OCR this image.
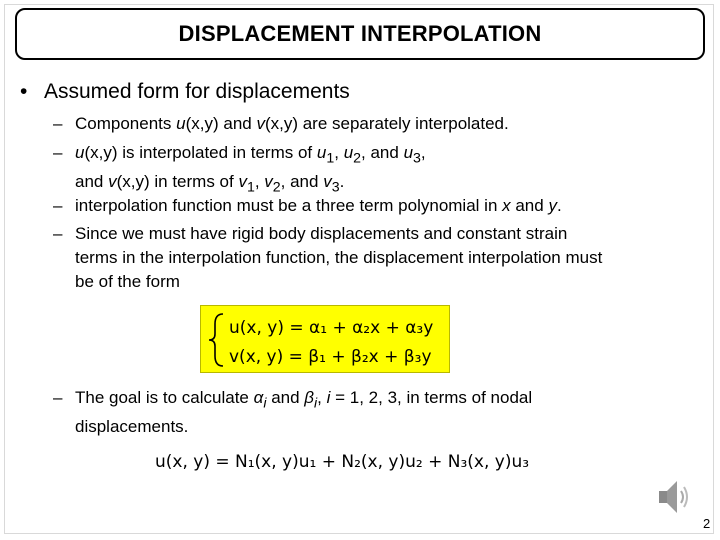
DISPLACEMENT INTERPOLATION
• Assumed form for displacements
– Components u(x,y) and v(x,y) are separately interpolated.
– u(x,y) is interpolated in terms of $u_1$, $u_2$, and $u_3$,
and v(x,y) in terms of $v_1$, $v_2$, and $v_3$.
– interpolation function must be a three term polynomial in x and y.
– Since we must have rigid body displacements and constant strain
terms in the interpolation function, the displacement interpolation must
be of the form
u(x, y) = α₁ + α₂x + α₃y
v(x, y) = β₁ + β₂x + β₃y
– The goal is to calculate $\alpha_i$ and $\beta_i$, i = 1, 2, 3, in terms of nodal
displacements.
u(x, y) = N₁(x, y)u₁ + N₂(x, y)u₂ + N₃(x, y)u₃
2
